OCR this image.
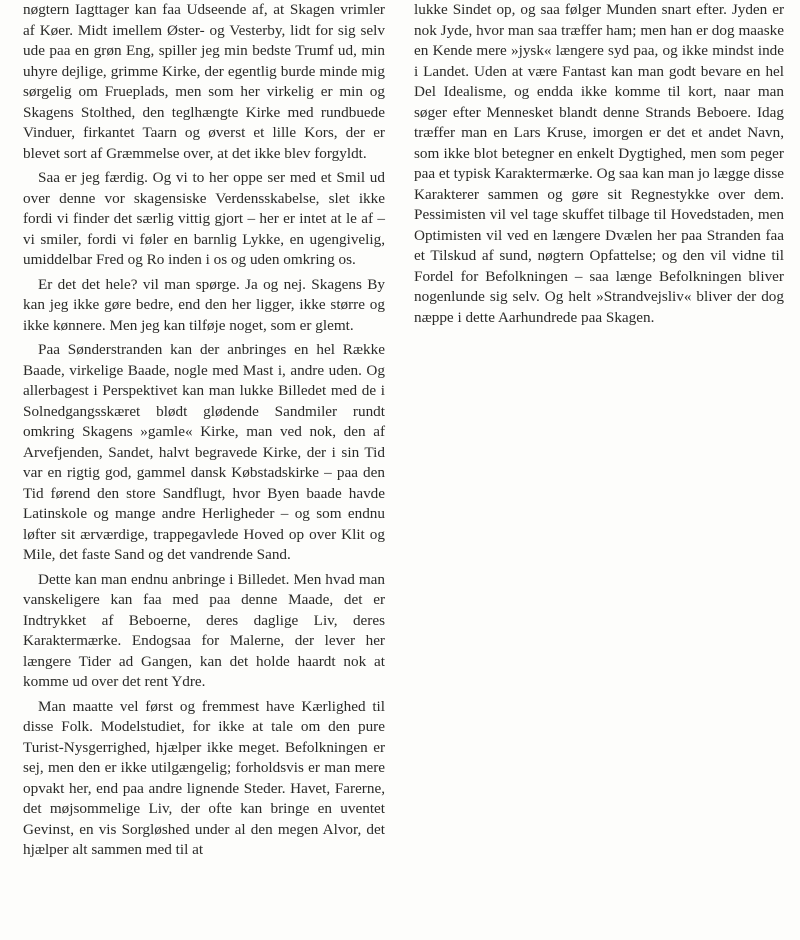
nøgtern Iagttager kan faa Udseende af, at Skagen vrimler af Køer. Midt imellem Øster- og Vesterby, lidt for sig selv ude paa en grøn Eng, spiller jeg min bedste Trumf ud, min uhyre dejlige, grimme Kirke, der egentlig burde minde mig sørgelig om Fruеplads, men som her virkelig er min og Skagens Stolthed, den teglhængte Kirke med rundbuede Vinduer, firkantet Taarn og øverst et lille Kors, der er blevet sort af Græmmelse over, at det ikke blev forgyldt.

Saa er jeg færdig. Og vi to her oppe ser med et Smil ud over denne vor skagensiske Verdensskabelse, slet ikke fordi vi finder det særlig vittig gjort – her er intet at le af – vi smiler, fordi vi føler en barnlig Lykke, en ugengivelig, umiddelbar Fred og Ro inden i os og uden omkring os.

Er det det hele? vil man spørge. Ja og nej. Skagens By kan jeg ikke gøre bedre, end den her ligger, ikke større og ikke kønnere. Men jeg kan tilføje noget, som er glemt.

Paa Sønderstranden kan der anbringes en hel Række Baade, virkelige Baade, nogle med Mast i, andre uden. Og allerbagest i Perspektivet kan man lukke Billedet med de i Solnedgangsskæret blødt glødende Sandmiler rundt omkring Skagens »gamle« Kirke, man ved nok, den af Arvefjenden, Sandet, halvt begravede Kirke, der i sin Tid var en rigtig god, gammel dansk Købstadskirke – paa den Tid førend den store Sandflugt, hvor Byen baade havde Latinskole og mange andre Herligheder – og som endnu løfter sit ærværdige, trappegavlede Hoved op over Klit og Mile, det faste Sand og det vandrende Sand.

Dette kan man endnu anbringe i Billedet. Men hvad man vanskeligere kan faa med paa denne Maade, det er Indtrykket af Beboerne, deres daglige Liv, deres Karaktermærke. Endogsaa for Malerne, der lever her længere Tider ad Gangen, kan det holde haardt nok at komme ud over det rent Ydre.

Man maatte vel først og fremmest have Kærlighed til disse Folk. Modelstudiet, for ikke at tale om den pure Turist-Nysgerrighed, hjælper ikke meget. Befolkningen er sej, men den er ikke utilgængelig; forholdsvis er man mere opvakt her, end paa andre lignende Steder. Havet, Farerne, det møjsommelige Liv, der ofte kan bringe en uventet Gevinst, en vis Sorgløshed under al den megen Alvor, det hjælper alt sammen med til at

lukke Sindet op, og saa følger Munden snart efter. Jyden er nok Jyde, hvor man saa træffer ham; men han er dog maaske en Kende mere »jysk« længere syd paa, og ikke mindst inde i Landet. Uden at være Fantast kan man godt bevare en hel Del Idealisme, og endda ikke komme til kort, naar man søger efter Mennesket blandt denne Strands Beboere. Idag træffer man en Lars Kruse, imorgen er det et andet Navn, som ikke blot betegner en enkelt Dygtighed, men som peger paa et typisk Karaktermærke. Og saa kan man jo lægge disse Karakterer sammen og gøre sit Regnestykke over dem. Pessimisten vil vel tage skuffet tilbage til Hovedstaden, men Optimisten vil ved en længere Dvælen her paa Stranden faa et Tilskud af sund, nøgtern Opfattelse; og den vil vidne til Fordel for Befolkningen – saa længe Befolkningen bliver nogenlunde sig selv. Og helt »Strandvejsliv« bliver der dog næppe i dette Aarhundrede paa Skagen.
